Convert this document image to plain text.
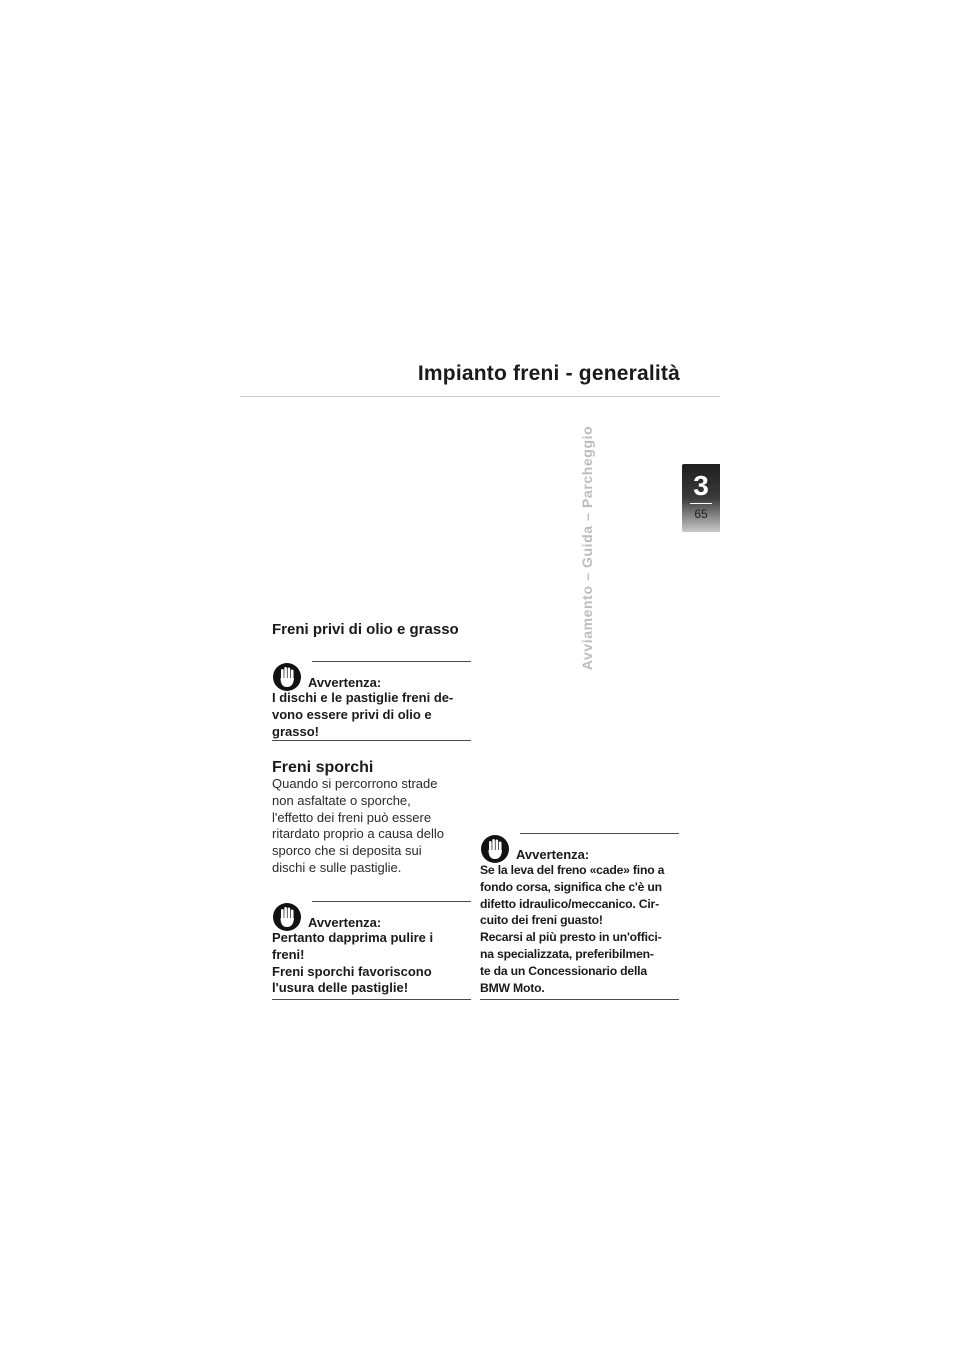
Impianto freni - generalità
3
65
Avviamento – Guida – Parcheggio
Freni privi di olio e grasso
Avvertenza:
I dischi e le pastiglie freni de-
vono essere privi di olio e
grasso!
Freni sporchi
Quando si percorrono strade
non asfaltate o sporche,
l'effetto dei freni può essere
ritardato proprio a causa dello
sporco che si deposita sui
dischi e sulle pastiglie.
Avvertenza:
Pertanto dapprima pulire i
freni!
Freni sporchi favoriscono
l'usura delle pastiglie!
Avvertenza:
Se la leva del freno «cade» fino a
fondo corsa, significa che c'è un
difetto idraulico/meccanico. Cir-
cuito dei freni guasto!
Recarsi al più presto in un'offici-
na specializzata, preferibilmen-
te da un Concessionario della
BMW Moto.
